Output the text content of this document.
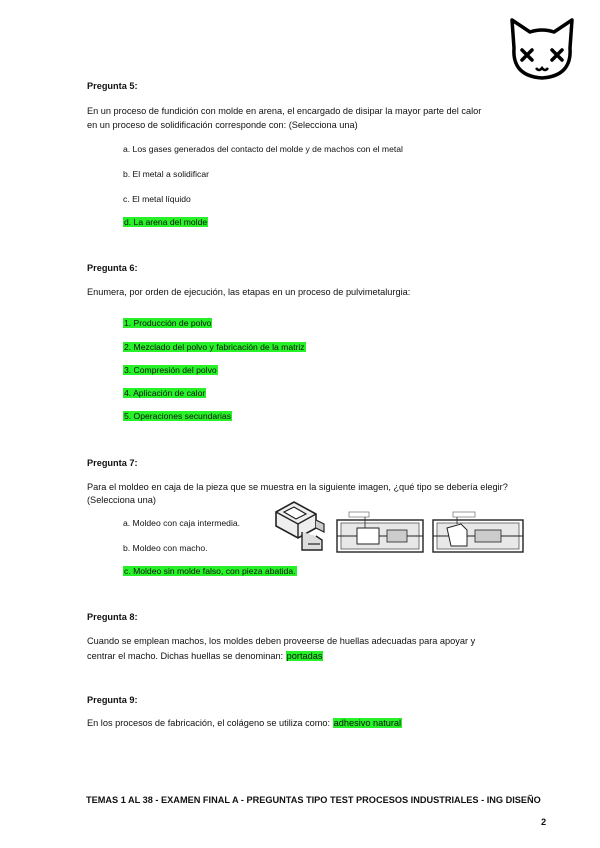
Pregunta 5:
En un proceso de fundición con molde en arena, el encargado de disipar la mayor parte del calor
en un proceso de solidificación corresponde con: (Selecciona una)
a. Los gases generados del contacto del molde y de machos con el metal
b. El metal a solidificar
c. El metal líquido
d. La arena del molde
Pregunta 6:
Enumera, por orden de ejecución, las etapas en un proceso de pulvimetalurgia:
1. Producción de polvo
2. Mezclado del polvo y fabricación de la matriz
3. Compresión del polvo
4. Aplicación de calor
5. Operaciones secundarias
Pregunta 7:
Para el moldeo en caja de la pieza que se muestra en la siguiente imagen, ¿qué tipo se debería elegir?
(Selecciona una)
a. Moldeo con caja intermedia.
b. Moldeo con macho.
c. Moldeo sin molde falso, con pieza abatida.
Pregunta 8:
Cuando se emplean machos, los moldes deben proveerse de huellas adecuadas para apoyar y
centrar el macho. Dichas huellas se denominan: portadas
Pregunta 9:
En los procesos de fabricación, el colágeno se utiliza como: adhesivo natural
TEMAS 1 AL 38 - EXAMEN FINAL A - PREGUNTAS TIPO TEST PROCESOS INDUSTRIALES - ING DISEÑO
2
